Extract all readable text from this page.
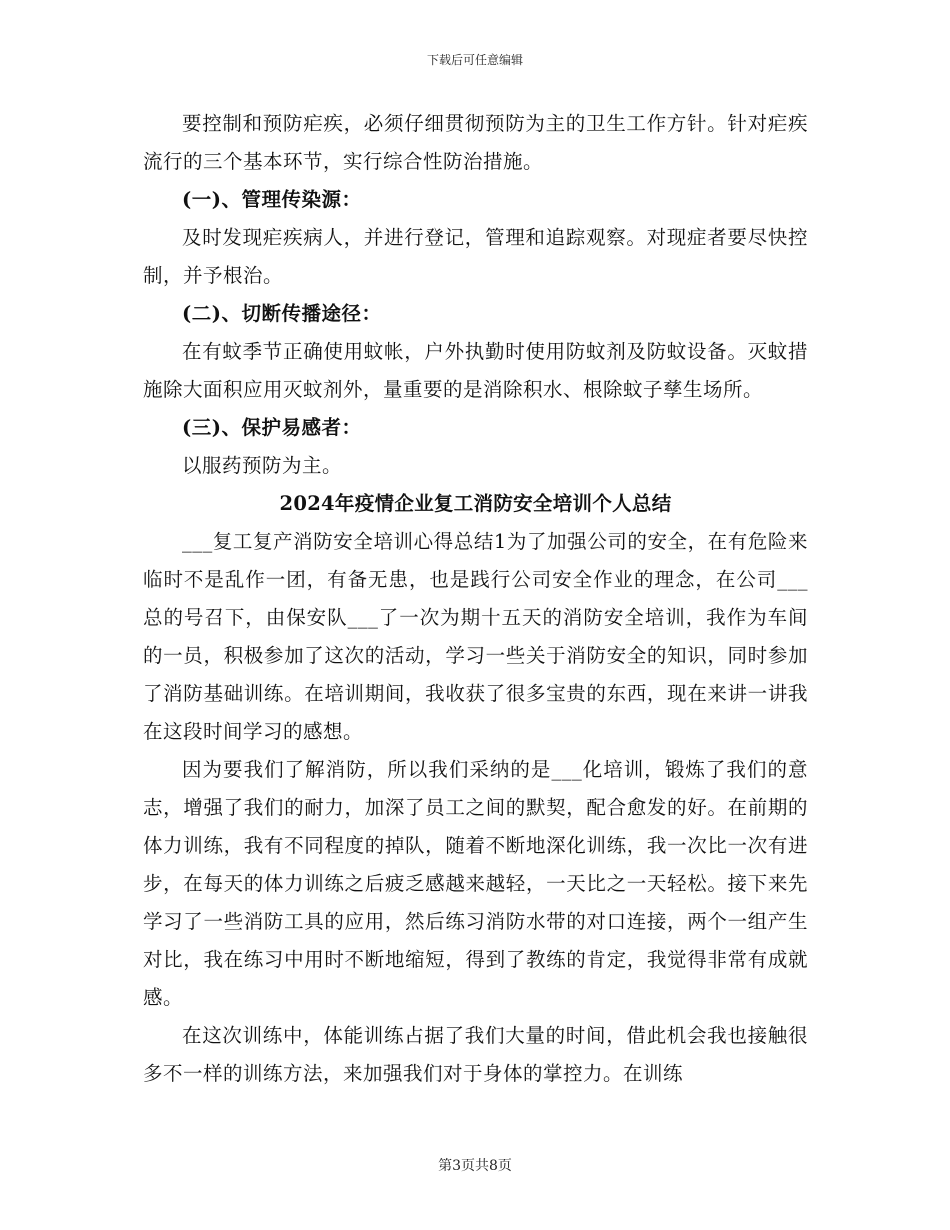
下载后可任意编辑

要控制和预防疟疾，必须仔细贯彻预防为主的卫生工作方针。针对疟疾流行的三个基本环节，实行综合性防治措施。

(一)、管理传染源：

及时发现疟疾病人，并进行登记，管理和追踪观察。对现症者要尽快控制，并予根治。

(二)、切断传播途径：

在有蚊季节正确使用蚊帐，户外执勤时使用防蚊剂及防蚊设备。灭蚊措施除大面积应用灭蚊剂外，量重要的是消除积水、根除蚊子孳生场所。

(三)、保护易感者：

以服药预防为主。

2024年疫情企业复工消防安全培训个人总结

___复工复产消防安全培训心得总结1为了加强公司的安全，在有危险来临时不是乱作一团，有备无患，也是践行公司安全作业的理念，在公司___总的号召下，由保安队___了一次为期十五天的消防安全培训，我作为车间的一员，积极参加了这次的活动，学习一些关于消防安全的知识，同时参加了消防基础训练。在培训期间，我收获了很多宝贵的东西，现在来讲一讲我在这段时间学习的感想。

因为要我们了解消防，所以我们采纳的是___化培训，锻炼了我们的意志，增强了我们的耐力，加深了员工之间的默契，配合愈发的好。在前期的体力训练，我有不同程度的掉队，随着不断地深化训练，我一次比一次有进步，在每天的体力训练之后疲乏感越来越轻，一天比之一天轻松。接下来先学习了一些消防工具的应用，然后练习消防水带的对口连接，两个一组产生对比，我在练习中用时不断地缩短，得到了教练的肯定，我觉得非常有成就感。

在这次训练中，体能训练占据了我们大量的时间，借此机会我也接触很多不一样的训练方法，来加强我们对于身体的掌控力。在训练

第3页共8页
